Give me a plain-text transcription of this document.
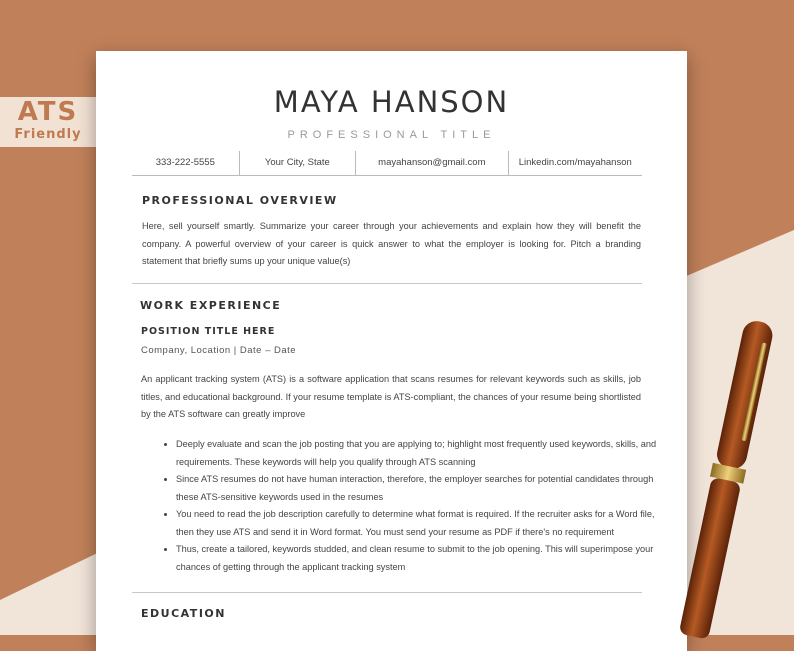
ATS
Friendly
MAYA HANSON
PROFESSIONAL TITLE
333-222-5555	Your City, State	mayahanson@gmail.com	Linkedin.com/mayahanson
PROFESSIONAL OVERVIEW
Here, sell yourself smartly. Summarize your career through your achievements and explain how they will benefit the company. A powerful overview of your career is quick answer to what the employer is looking for. Pitch a branding statement that briefly sums up your unique value(s)
WORK EXPERIENCE
POSITION TITLE HERE
Company, Location | Date – Date
An applicant tracking system (ATS) is a software application that scans resumes for relevant keywords such as skills, job titles, and educational background. If your resume template is ATS-compliant, the chances of your resume being shortlisted by the ATS software can greatly improve
• Deeply evaluate and scan the job posting that you are applying to; highlight most frequently used keywords, skills, and requirements. These keywords will help you qualify through ATS scanning
• Since ATS resumes do not have human interaction, therefore, the employer searches for potential candidates through these ATS-sensitive keywords used in the resumes
• You need to read the job description carefully to determine what format is required. If the recruiter asks for a Word file, then they use ATS and send it in Word format. You must send your resume as PDF if there's no requirement
• Thus, create a tailored, keywords studded, and clean resume to submit to the job opening. This will superimpose your chances of getting through the applicant tracking system
EDUCATION
